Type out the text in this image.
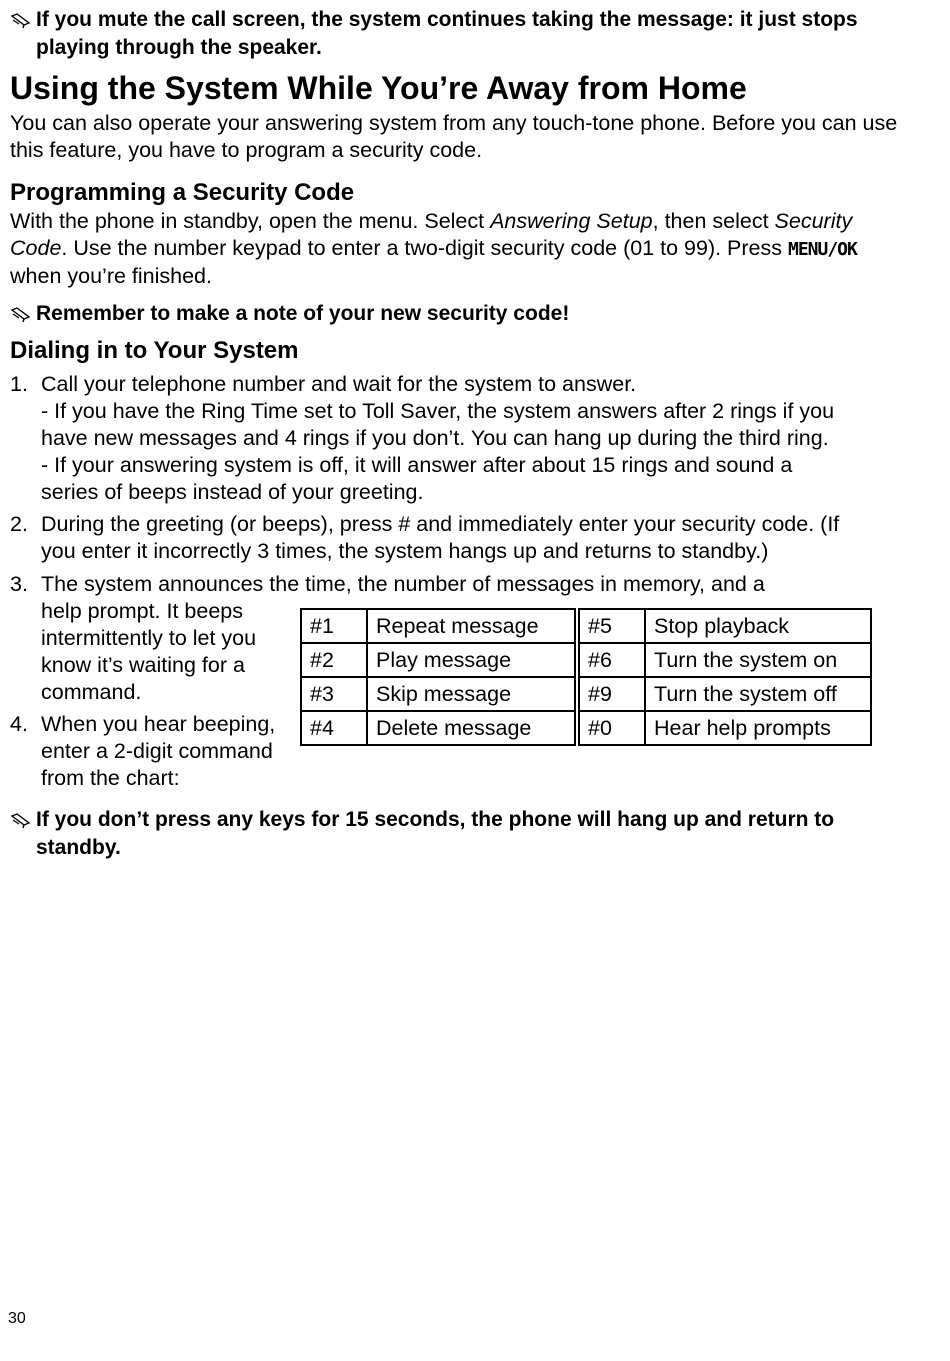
If you mute the call screen, the system continues taking the message: it just stops playing through the speaker.
Using the System While You’re Away from Home

You can also operate your answering system from any touch-tone phone. Before you can use this feature, you have to program a security code.

Programming a Security Code

With the phone in standby, open the menu. Select Answering Setup, then select Security Code. Use the number keypad to enter a two-digit security code (01 to 99). Press MENU/OK when you’re finished.

Remember to make a note of your new security code!
Dialing in to Your System
1. Call your telephone number and wait for the system to answer.
- If you have the Ring Time set to Toll Saver, the system answers after 2 rings if you
have new messages and 4 rings if you don’t. You can hang up during the third ring.
- If your answering system is off, it will answer after about 15 rings and sound a
series of beeps instead of your greeting.
2. During the greeting (or beeps), press # and immediately enter your security code. (If
you enter it incorrectly 3 times, the system hangs up and returns to standby.)
3. The system announces the time, the number of messages in memory, and a
help prompt. It beeps
intermittently to let you
know it’s waiting for a
command.
4. When you hear beeping,
enter a 2-digit command
from the chart:
#1	Repeat message		#5	Stop playback
#2	Play message		#6	Turn the system on
#3	Skip message		#9	Turn the system off
#4	Delete message		#0	Hear help prompts
If you don’t press any keys for 15 seconds, the phone will hang up and return to standby.
30
